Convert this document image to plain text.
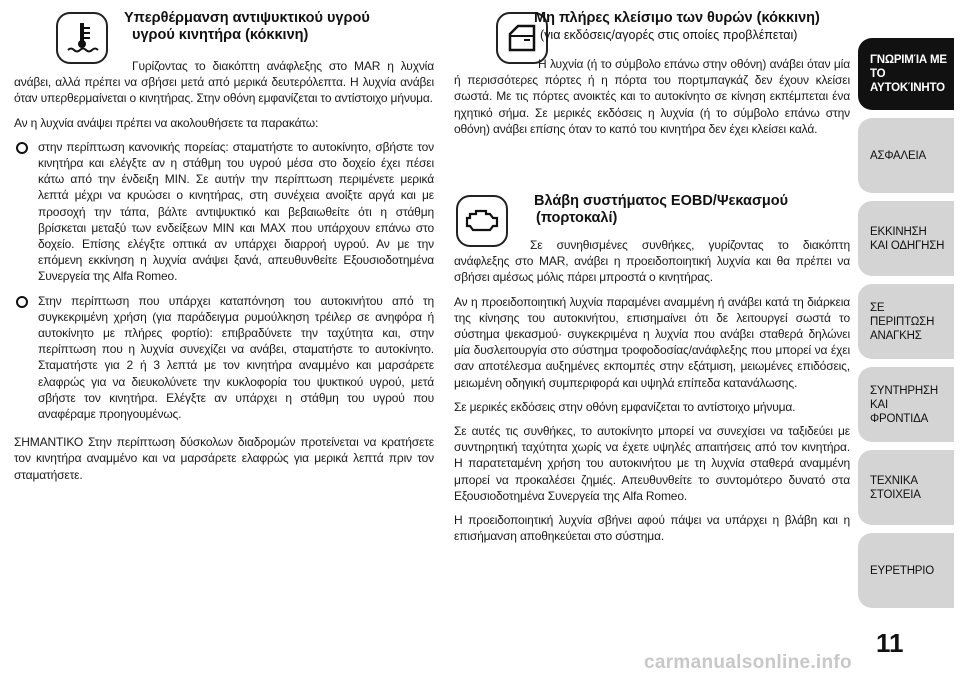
Υπερθέρμανση αντιψυκτικού υγρού
υγρού κινητήρα (κόκκινη)

Γυρίζοντας το διακόπτη ανάφλεξης στο MAR η λυχνία ανάβει, αλλά πρέπει να σβήσει μετά από μερικά δευτερόλεπτα. Η λυχνία ανάβει όταν υπερθερμαίνεται ο κινητήρας. Στην οθόνη εμφανίζεται το αντίστοιχο μήνυμα.

Αν η λυχνία ανάψει πρέπει να ακολουθήσετε τα παρακάτω:

στην περίπτωση κανονικής πορείας: σταματήστε το αυτοκίνητο, σβήστε τον κινητήρα και ελέγξτε αν η στάθμη του υγρού μέσα στο δοχείο έχει πέσει κάτω από την ένδειξη MIN. Σε αυτήν την περίπτωση περιμένετε μερικά λεπτά μέχρι να κρυώσει ο κινητήρας, στη συνέχεια ανοίξτε αργά και με προσοχή την τάπα, βάλτε αντιψυκτικό και βεβαιωθείτε ότι η στάθμη βρίσκεται μεταξύ των ενδείξεων MIN και MAX που υπάρχουν επάνω στο δοχείο. Επίσης ελέγξτε οπτικά αν υπάρχει διαρροή υγρού. Αν με την επόμενη εκκίνηση η λυχνία ανάψει ξανά, απευθυνθείτε Εξουσιοδοτημένα Συνεργεία της Alfa Romeo.

Στην περίπτωση που υπάρχει καταπόνηση του αυτοκινήτου από τη συγκεκριμένη χρήση (για παράδειγμα ρυμούλκηση τρέιλερ σε ανηφόρα ή αυτοκίνητο με πλήρες φορτίο): επιβραδύνετε την ταχύτητα και, στην περίπτωση που η λυχνία συνεχίζει να ανάβει, σταματήστε το αυτοκίνητο. Σταματήστε για 2 ή 3 λεπτά με τον κινητήρα αναμμένο και μαρσάρετε ελαφρώς για να διευκολύνετε την κυκλοφορία του ψυκτικού υγρού, μετά σβήστε τον κινητήρα. Ελέγξτε αν υπάρχει η στάθμη του υγρού που αναφέραμε προηγουμένως.

ΣΗΜΑΝΤΙΚΟ Στην περίπτωση δύσκολων διαδρομών προτείνεται να κρατήσετε τον κινητήρα αναμμένο και να μαρσάρετε ελαφρώς για μερικά λεπτά πριν τον σταματήσετε.

Μη πλήρες κλείσιμο των θυρών (κόκκινη)
(για εκδόσεις/αγορές στις οποίες προβλέπεται)

Η λυχνία (ή το σύμβολο επάνω στην οθόνη) ανάβει όταν μία ή περισσότερες πόρτες ή η πόρτα του πορτμπαγκάζ δεν έχουν κλείσει σωστά. Με τις πόρτες ανοικτές και το αυτοκίνητο σε κίνηση εκπέμπεται ένα ηχητικό σήμα. Σε μερικές εκδόσεις η λυχνία (ή το σύμβολο επάνω στην οθόνη) ανάβει επίσης όταν το καπό του κινητήρα δεν έχει κλείσει καλά.

Βλάβη συστήματος EOBD/Ψεκασμού
(πορτοκαλί)

Σε συνηθισμένες συνθήκες, γυρίζοντας το διακόπτη ανάφλεξης στο MAR, ανάβει η προειδοποιητική λυχνία και θα πρέπει να σβήσει αμέσως μόλις πάρει μπροστά ο κινητήρας.

Αν η προειδοποιητική λυχνία παραμένει αναμμένη ή ανάβει κατά τη διάρκεια της κίνησης του αυτοκινήτου, επισημαίνει ότι δε λειτουργεί σωστά το σύστημα ψεκασμού· συγκεκριμένα η λυχνία που ανάβει σταθερά δηλώνει μία δυσλειτουργία στο σύστημα τροφοδοσίας/ανάφλεξης που μπορεί να έχει σαν αποτέλεσμα αυξημένες εκπομπές στην εξάτμιση, μειωμένες επιδόσεις, μειωμένη οδηγική συμπεριφορά και υψηλά επίπεδα κατανάλωσης.

Σε μερικές εκδόσεις στην οθόνη εμφανίζεται το αντίστοιχο μήνυμα.

Σε αυτές τις συνθήκες, το αυτοκίνητο μπορεί να συνεχίσει να ταξιδεύει με συντηρητική ταχύτητα χωρίς να έχετε υψηλές απαιτήσεις από τον κινητήρα. Η παρατεταμένη χρήση του αυτοκινήτου με τη λυχνία σταθερά αναμμένη μπορεί να προκαλέσει ζημιές. Απευθυνθείτε το συντομότερο δυνατό στα Εξουσιοδοτημένα Συνεργεία της Alfa Romeo.

Η προειδοποιητική λυχνία σβήνει αφού πάψει να υπάρχει η βλάβη και η επισήμανση αποθηκεύεται στο σύστημα.

ΓΝΩΡΙΜΊΑ ΜΕ ΤΟ
ΑΥΤΟΚΊΝΗΤΟ
ΑΣΦΑΛΕΙΑ
ΕΚΚΙΝΗΣΗ
ΚΑΙ ΟΔΗΓΗΣΗ
ΣΕ ΠΕΡΙΠΤΩΣΗ
ΑΝΑΓΚΗΣ
ΣΥΝΤΗΡΗΣΗ
ΚΑΙ ΦΡΟΝΤΙΔΑ
ΤΕΧΝΙΚΑ
ΣΤΟΙΧΕΙΑ
ΕΥΡΕΤΗΡΙΟ
11
carmanualsonline.info
